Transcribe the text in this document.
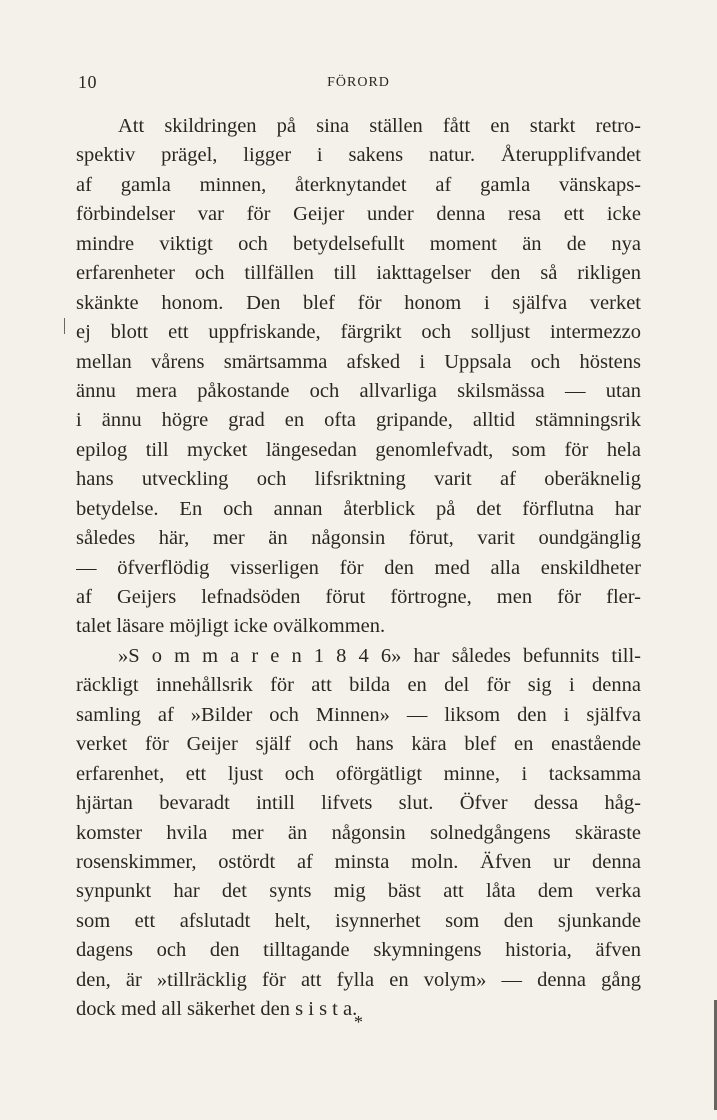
10	FÖRORD
Att skildringen på sina ställen fått en starkt retro-
spektiv prägel, ligger i sakens natur. Återupplifvandet
af gamla minnen, återknytandet af gamla vänskaps-
förbindelser var för Geijer under denna resa ett icke
mindre viktigt och betydelsefullt moment än de nya
erfarenheter och tillfällen till iakttagelser den så rikligen
skänkte honom. Den blef för honom i själfva verket
ej blott ett uppfriskande, färgrikt och solljust intermezzo
mellan vårens smärtsamma afsked i Uppsala och höstens
ännu mera påkostande och allvarliga skilsmässa — utan
i ännu högre grad en ofta gripande, alltid stämningsrik
epilog till mycket längesedan genomlefvadt, som för hela
hans utveckling och lifsriktning varit af oberäknelig
betydelse. En och annan återblick på det förflutna har
således här, mer än någonsin förut, varit oundgänglig
— öfverflödig visserligen för den med alla enskildheter
af Geijers lefnadsöden förut förtrogne, men för fler-
talet läsare möjligt icke ovälkommen.
»S o m m a r e n 1 8 4 6» har således befunnits till-
räckligt innehållsrik för att bilda en del för sig i denna
samling af »Bilder och Minnen» — liksom den i själfva
verket för Geijer själf och hans kära blef en enastående
erfarenhet, ett ljust och oförgätligt minne, i tacksamma
hjärtan bevaradt intill lifvets slut. Öfver dessa håg-
komster hvila mer än någonsin solnedgångens skäraste
rosenskimmer, ostördt af minsta moln. Äfven ur denna
synpunkt har det synts mig bäst att låta dem verka
som ett afslutadt helt, isynnerhet som den sjunkande
dagens och den tilltagande skymningens historia, äfven
den, är »tillräcklig för att fylla en volym» — denna gång
dock med all säkerhet den s i s t a.
*
